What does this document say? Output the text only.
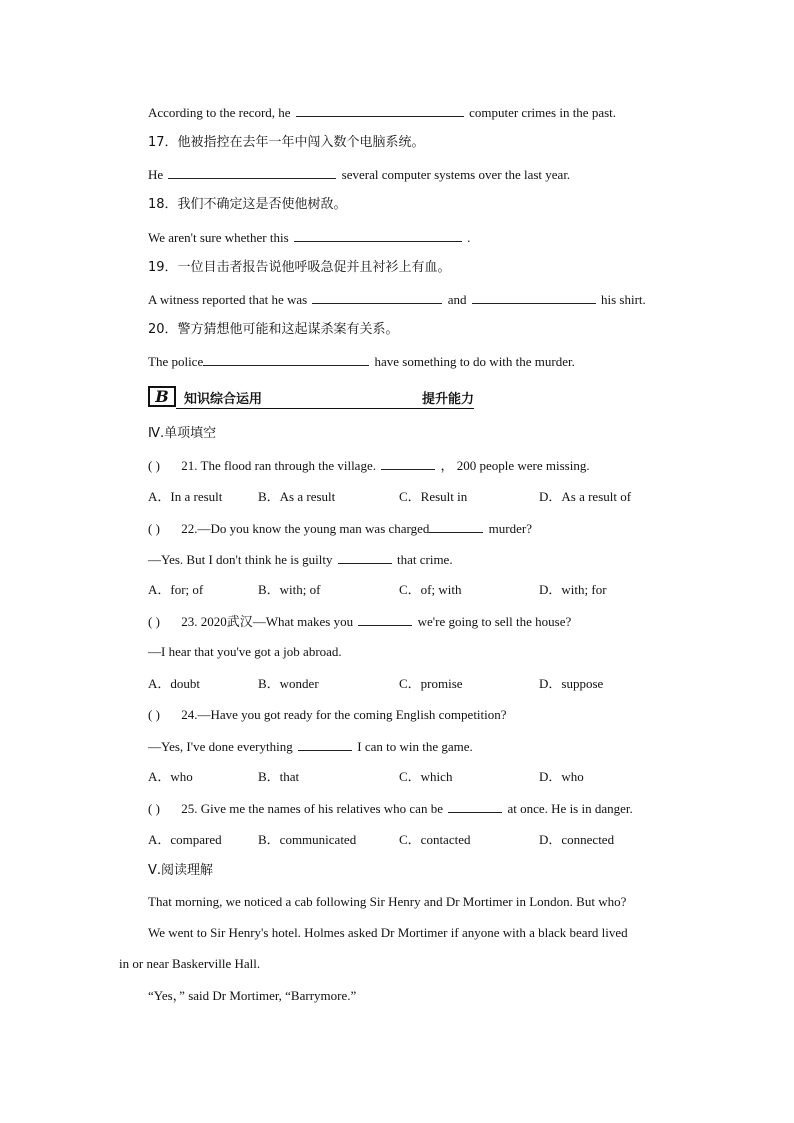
According to the record, he	computer crimes in the past.
17．他被指控在去年一年中闯入数个电脑系统。
He	several computer systems over the last year.
18．我们不确定这是否使他树敌。
We aren't sure whether this	.
19．一位目击者报告说他呼吸急促并且衬衫上有血。
A witness reported that he was	and	his shirt.
20．警方猜想他可能和这起谋杀案有关系。
The police	have something to do with the murder.
B	知识综合运用	提升能力
Ⅳ.单项填空
( ) 21. The flood ran through the village.	， 200 people were missing.
A．In a result	B．As a result	C．Result in	D．As a result of
( ) 22.—Do you know the young man was charged	murder?
—Yes. But I don't think he is guilty	that crime.
A．for; of	B．with; of	C．of; with	D．with; for
( ) 23. 2020武汉—What makes you	we're going to sell the house?
—I hear that you've got a job abroad.
A．doubt	B．wonder	C．promise	D．suppose
( ) 24.—Have you got ready for the coming English competition?
—Yes, I've done everything	I can to win the game.
A．who	B．that	C．which	D．who
( ) 25. Give me the names of his relatives who can be	at once. He is in danger.
A．compared	B．communicated	C．contacted	D．connected
Ⅴ.阅读理解
That morning, we noticed a cab following Sir Henry and Dr Mortimer in London. But who?
We went to Sir Henry's hotel. Holmes asked Dr Mortimer if anyone with a black beard lived
in or near Baskerville Hall.
“Yes，” said Dr Mortimer, “Barrymore.”
